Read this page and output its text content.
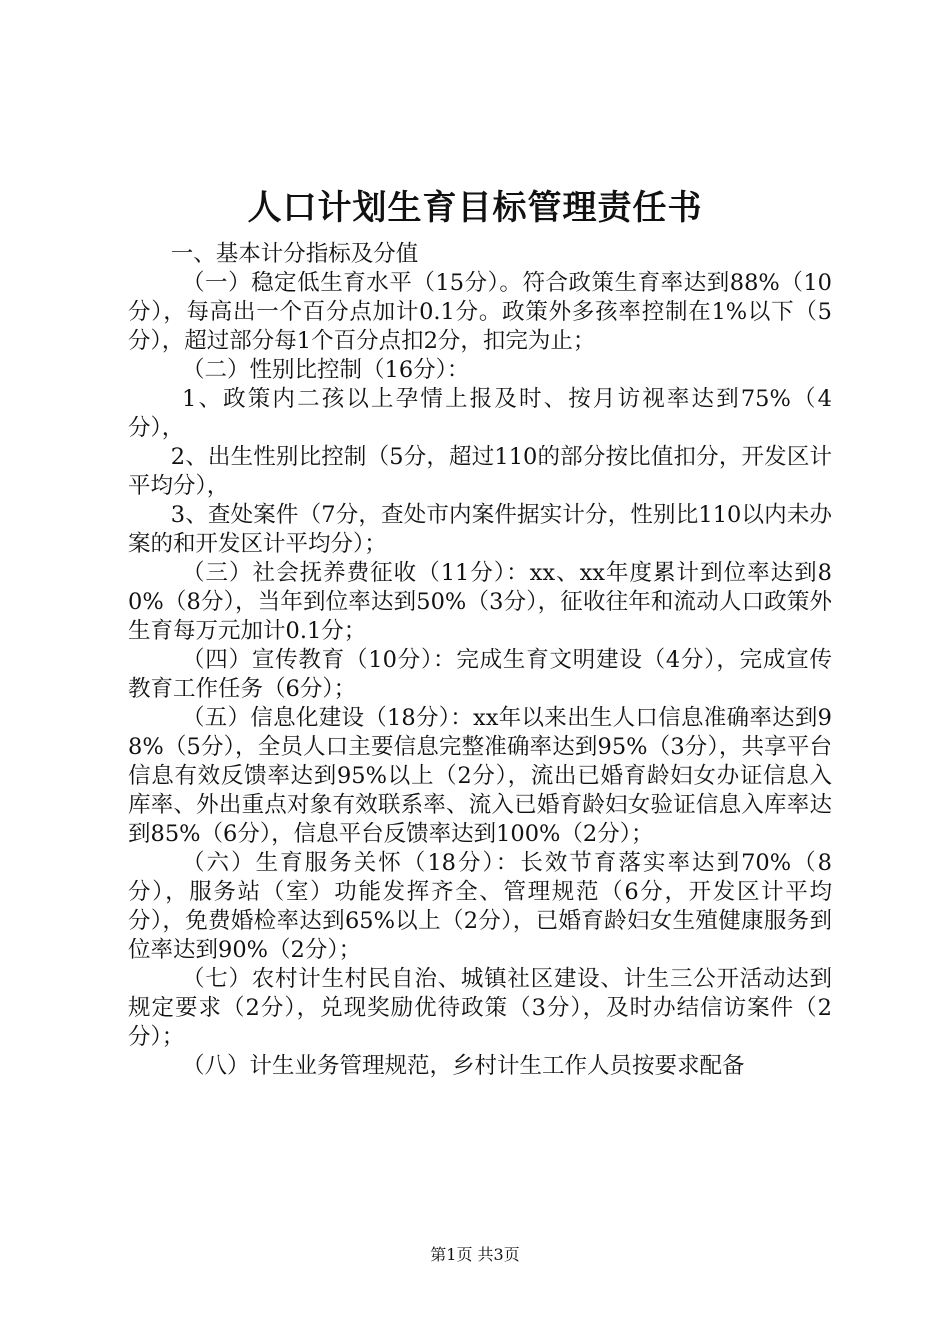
人口计划生育目标管理责任书

一、基本计分指标及分值

（一）稳定低生育水平（15分）。符合政策生育率达到88%（10分），每高出一个百分点加计0.1分。政策外多孩率控制在1%以下（5分），超过部分每1个百分点扣2分，扣完为止；

（二）性别比控制（16分）：

1、政策内二孩以上孕情上报及时、按月访视率达到75%（4分），

2、出生性别比控制（5分，超过110的部分按比值扣分，开发区计平均分），

3、查处案件（7分，查处市内案件据实计分，性别比110以内未办案的和开发区计平均分）；

（三）社会抚养费征收（11分）：xx、xx年度累计到位率达到80%（8分），当年到位率达到50%（3分），征收往年和流动人口政策外生育每万元加计0.1分；

（四）宣传教育（10分）：完成生育文明建设（4分），完成宣传教育工作任务（6分）；

（五）信息化建设（18分）：xx年以来出生人口信息准确率达到98%（5分），全员人口主要信息完整准确率达到95%（3分），共享平台信息有效反馈率达到95%以上（2分），流出已婚育龄妇女办证信息入库率、外出重点对象有效联系率、流入已婚育龄妇女验证信息入库率达到85%（6分），信息平台反馈率达到100%（2分）；

（六）生育服务关怀（18分）：长效节育落实率达到70%（8分），服务站（室）功能发挥齐全、管理规范（6分，开发区计平均分），免费婚检率达到65%以上（2分），已婚育龄妇女生殖健康服务到位率达到90%（2分）；

（七）农村计生村民自治、城镇社区建设、计生三公开活动达到规定要求（2分），兑现奖励优待政策（3分），及时办结信访案件（2分）；

（八）计生业务管理规范，乡村计生工作人员按要求配备

第1页 共3页
